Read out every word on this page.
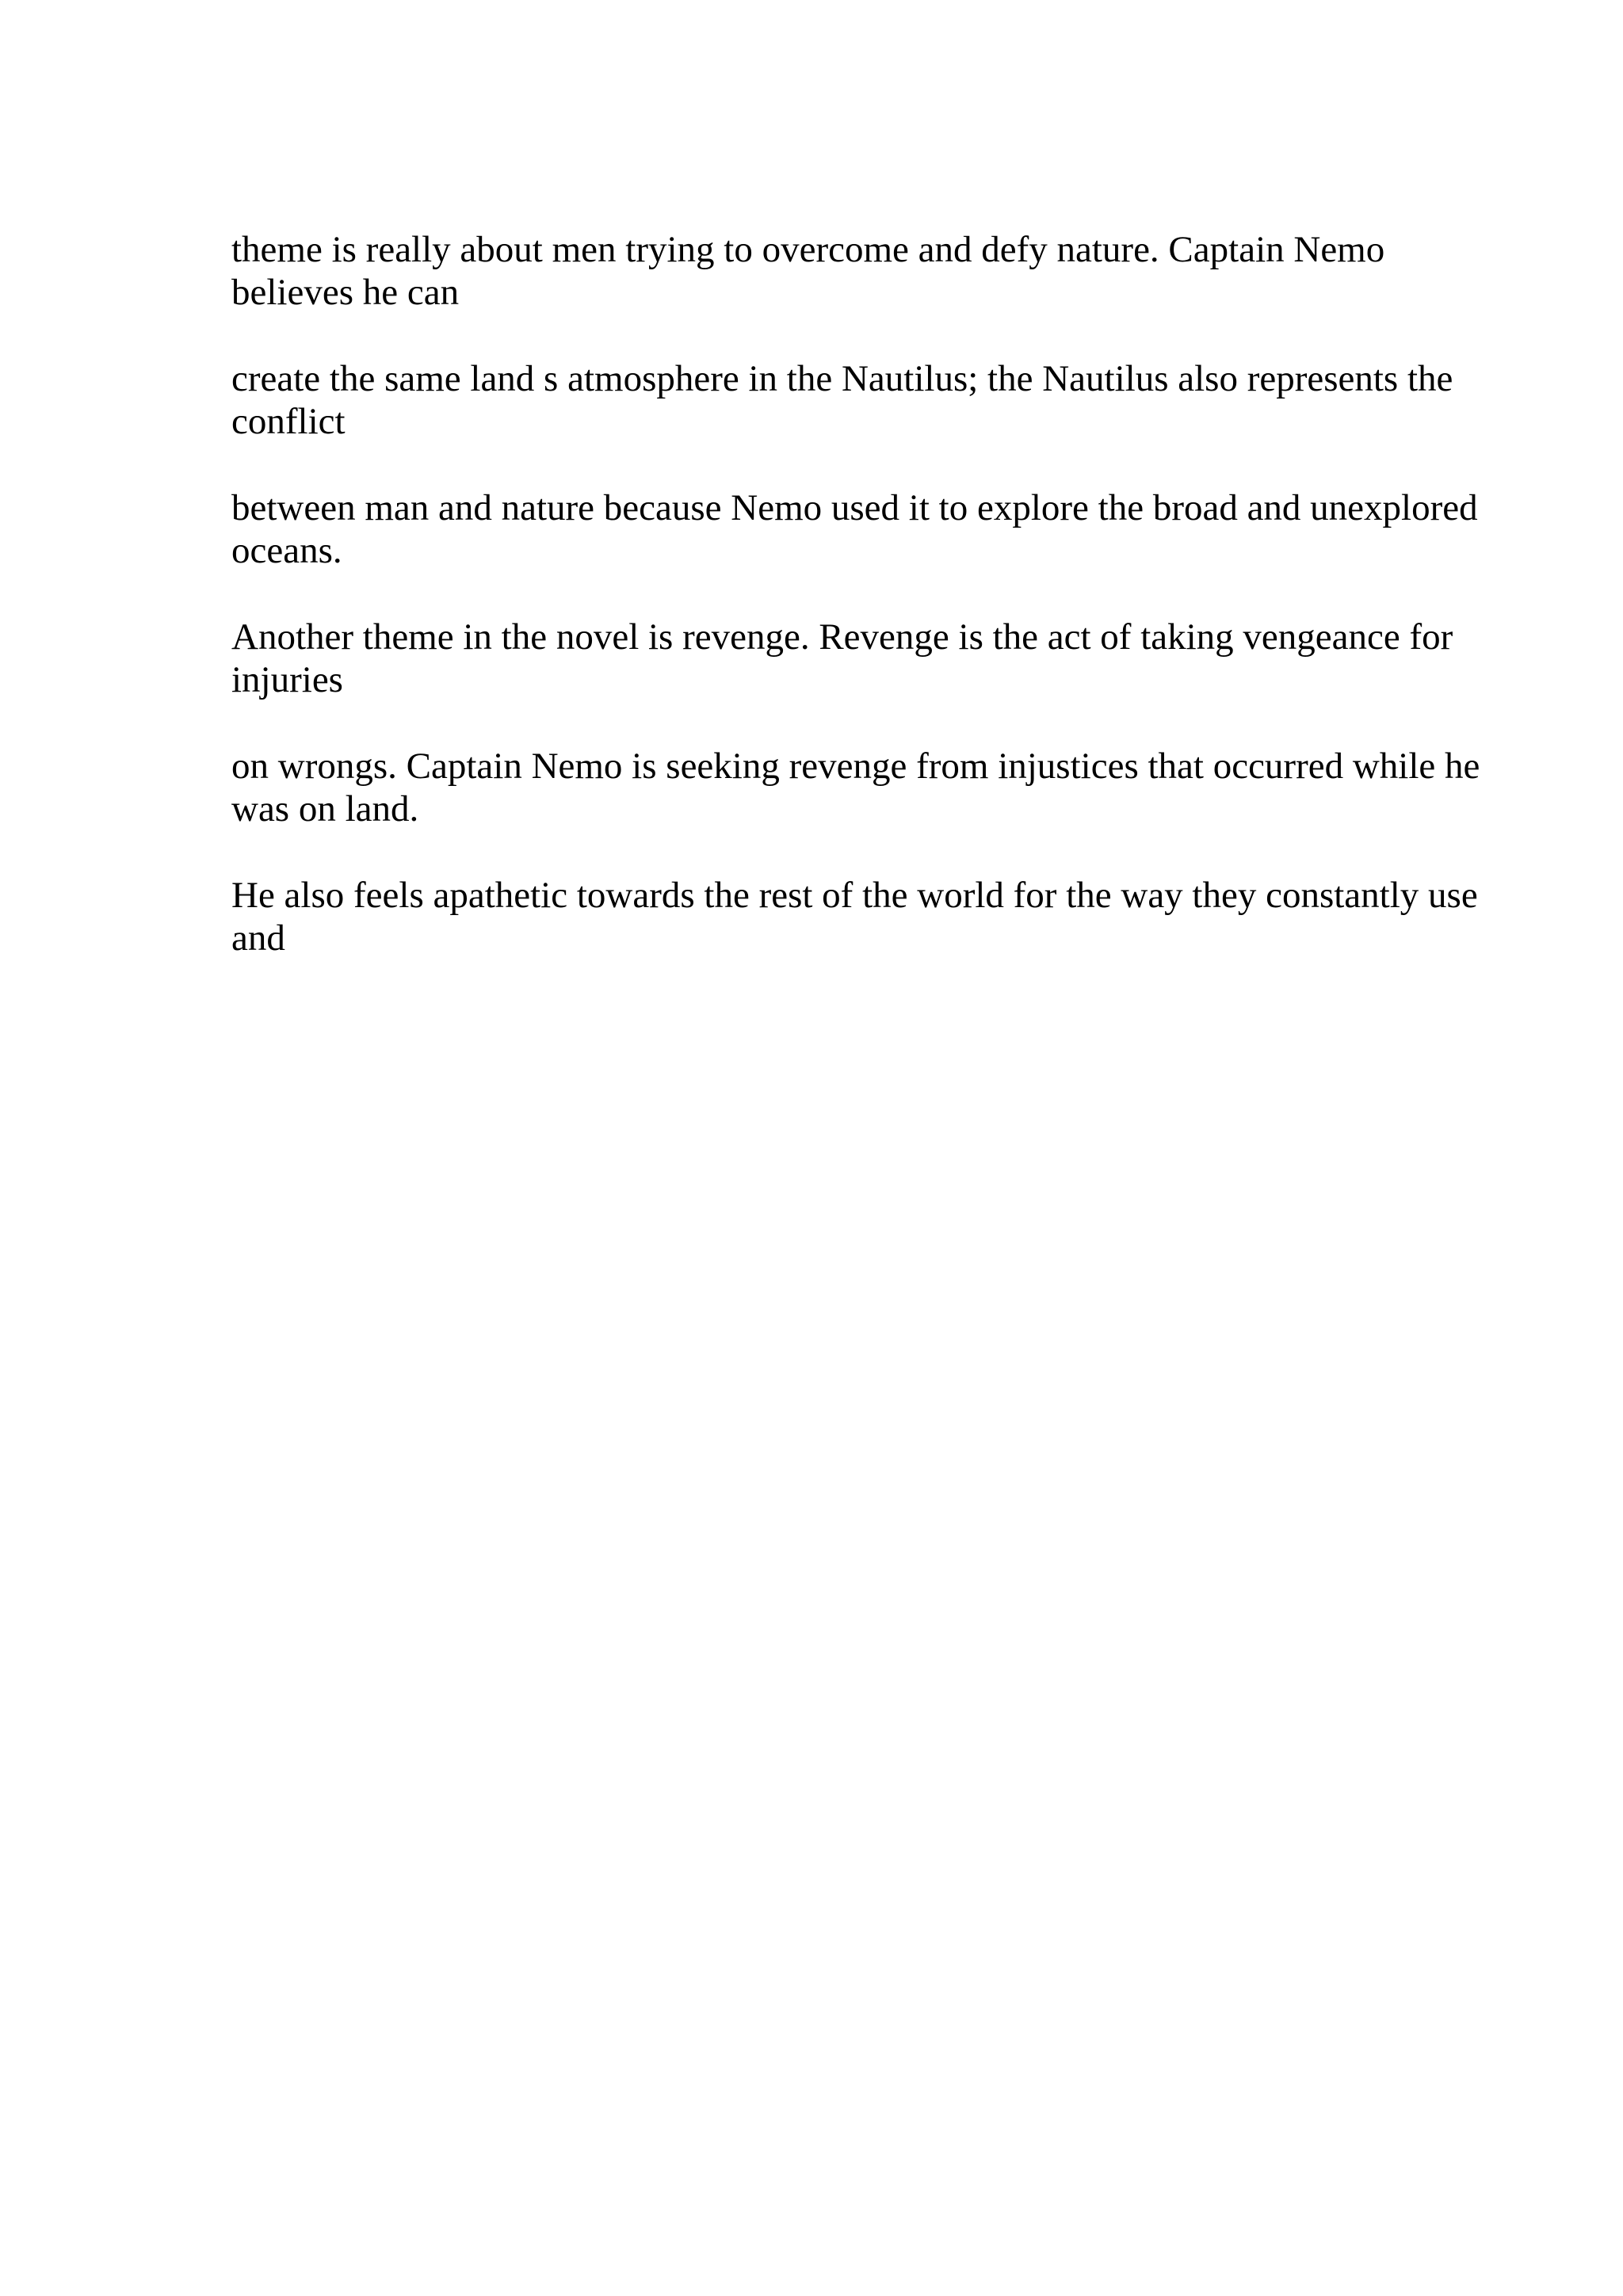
theme is really about men trying to overcome and defy nature. Captain Nemo
believes he can

create the same land s atmosphere in the Nautilus; the Nautilus also represents the
conflict

between man and nature because Nemo used it to explore the broad and unexplored
oceans.

Another theme in the novel is revenge. Revenge is the act of taking vengeance for
injuries

on wrongs. Captain Nemo is seeking revenge from injustices that occurred while he
was on land.

He also feels apathetic towards the rest of the world for the way they constantly use
and
